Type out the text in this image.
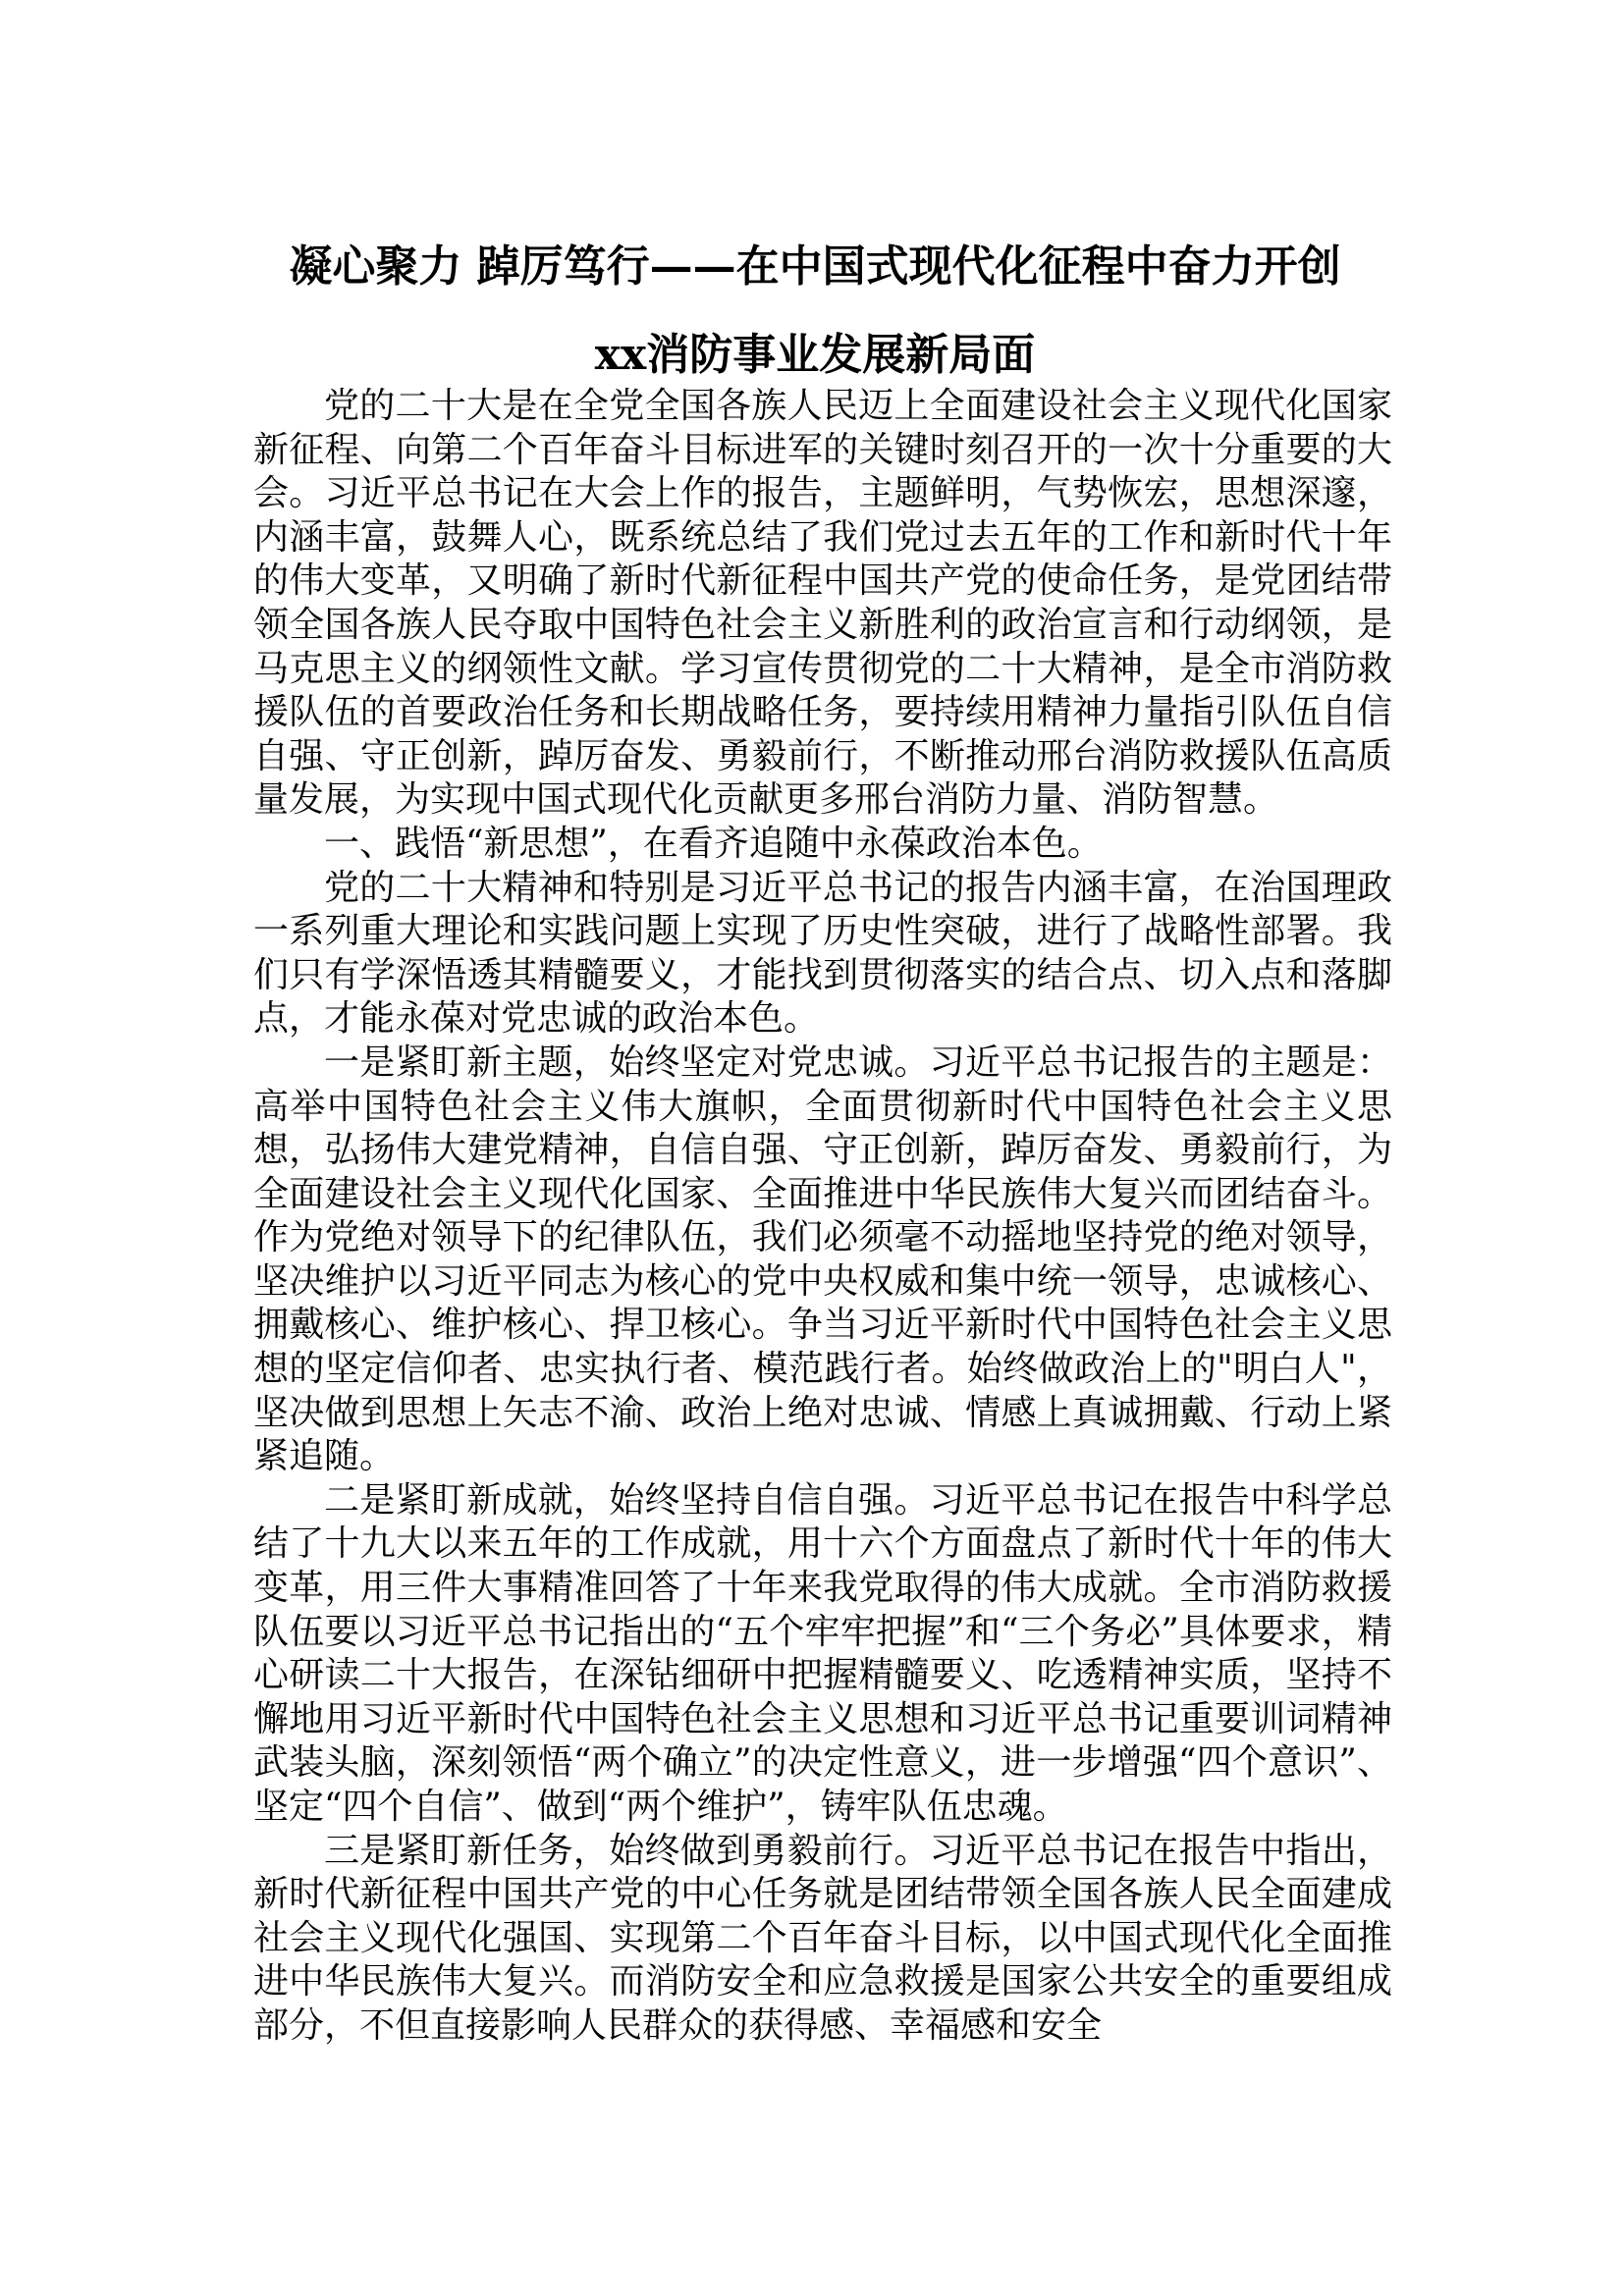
凝心聚力 踔厉笃行——在中国式现代化征程中奋力开创
xx消防事业发展新局面

党的二十大是在全党全国各族人民迈上全面建设社会主义现代化国家新征程、向第二个百年奋斗目标进军的关键时刻召开的一次十分重要的大会。习近平总书记在大会上作的报告，主题鲜明，气势恢宏，思想深邃，内涵丰富，鼓舞人心，既系统总结了我们党过去五年的工作和新时代十年的伟大变革，又明确了新时代新征程中国共产党的使命任务，是党团结带领全国各族人民夺取中国特色社会主义新胜利的政治宣言和行动纲领，是马克思主义的纲领性文献。学习宣传贯彻党的二十大精神，是全市消防救援队伍的首要政治任务和长期战略任务，要持续用精神力量指引队伍自信自强、守正创新，踔厉奋发、勇毅前行，不断推动邢台消防救援队伍高质量发展，为实现中国式现代化贡献更多邢台消防力量、消防智慧。

一、践悟“新思想”，在看齐追随中永葆政治本色。

党的二十大精神和特别是习近平总书记的报告内涵丰富，在治国理政一系列重大理论和实践问题上实现了历史性突破，进行了战略性部署。我们只有学深悟透其精髓要义，才能找到贯彻落实的结合点、切入点和落脚点，才能永葆对党忠诚的政治本色。

一是紧盯新主题，始终坚定对党忠诚。习近平总书记报告的主题是：高举中国特色社会主义伟大旗帜，全面贯彻新时代中国特色社会主义思想，弘扬伟大建党精神，自信自强、守正创新，踔厉奋发、勇毅前行，为全面建设社会主义现代化国家、全面推进中华民族伟大复兴而团结奋斗。作为党绝对领导下的纪律队伍，我们必须毫不动摇地坚持党的绝对领导，坚决维护以习近平同志为核心的党中央权威和集中统一领导，忠诚核心、拥戴核心、维护核心、捍卫核心。争当习近平新时代中国特色社会主义思想的坚定信仰者、忠实执行者、模范践行者。始终做政治上的"明白人"，坚决做到思想上矢志不渝、政治上绝对忠诚、情感上真诚拥戴、行动上紧紧追随。

二是紧盯新成就，始终坚持自信自强。习近平总书记在报告中科学总结了十九大以来五年的工作成就，用十六个方面盘点了新时代十年的伟大变革，用三件大事精准回答了十年来我党取得的伟大成就。全市消防救援队伍要以习近平总书记指出的“五个牢牢把握”和“三个务必”具体要求，精心研读二十大报告，在深钻细研中把握精髓要义、吃透精神实质，坚持不懈地用习近平新时代中国特色社会主义思想和习近平总书记重要训词精神武装头脑，深刻领悟“两个确立”的决定性意义，进一步增强“四个意识”、坚定“四个自信”、做到“两个维护”，铸牢队伍忠魂。

三是紧盯新任务，始终做到勇毅前行。习近平总书记在报告中指出，新时代新征程中国共产党的中心任务就是团结带领全国各族人民全面建成社会主义现代化强国、实现第二个百年奋斗目标，以中国式现代化全面推进中华民族伟大复兴。而消防安全和应急救援是国家公共安全的重要组成部分，不但直接影响人民群众的获得感、幸福感和安全
